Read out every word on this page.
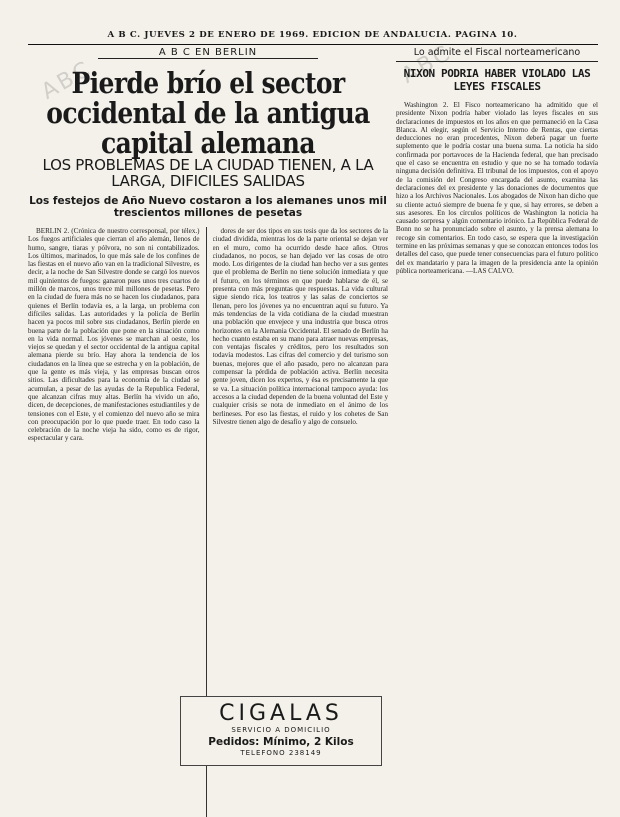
A B C. JUEVES 2 DE ENERO DE 1969. EDICION DE ANDALUCIA. PAGINA 10.
ABC	ABC
A B C EN BERLIN
Pierde brío el sector occidental de la antigua capital alemana
LOS PROBLEMAS DE LA CIUDAD TIENEN, A LA LARGA, DIFICILES SALIDAS
Los festejos de Año Nuevo costaron a los alemanes unos mil trescientos millones de pesetas

BERLIN 2. (Crónica de nuestro corresponsal, por télex.) Los fuegos artificiales que cierran el año alemán, llenos de humo, sangre, tiaras y pólvora, no son ni contabilizados. Los últimos, marinados, lo que más sale de los confines de las fiestas en el nuevo año van en la tradicional Silvestre, es decir, a la noche de San Silvestre donde se cargó los nuevos mil quinientos de fuegos: ganaron pues unos tres cuartos de millón de marcos, unos trece mil millones de pesetas. Pero en la ciudad de fuera más no se hacen los ciudadanos, para quienes el Berlín todavía es, a la larga, un problema con difíciles salidas. Las autoridades y la policía de Berlín hacen ya pocos mil sobre sus ciudadanos, Berlín pierde en buena parte de la población que pone en la situación como en la vida normal. Los jóvenes se marchan al oeste, los viejos se quedan y el sector occidental de la antigua capital alemana pierde su brío. Hay ahora la tendencia de los ciudadanos en la línea que se estrecha y en la población, de que la gente es más vieja, y las empresas buscan otros sitios. Las dificultades para la economía de la ciudad se acumulan, a pesar de las ayudas de la Republica Federal, que alcanzan cifras muy altas. Berlín ha vivido un año, dicen, de decepciones, de manifestaciones estudiantiles y de tensiones con el Este, y el comienzo del nuevo año se mira con preocupación por lo que puede traer. En todo caso la celebración de la noche vieja ha sido, como es de rigor, espectacular y cara.

dores de ser dos tipos en sus tesis que da los sectores de la ciudad dividida, mientras los de la parte oriental se dejan ver en el muro, como ha ocurrido desde hace años. Otros ciudadanos, no pocos, se han dejado ver las cosas de otro modo. Los dirigentes de la ciudad han hecho ver a sus gentes que el problema de Berlín no tiene solución inmediata y que el futuro, en los términos en que puede hablarse de él, se presenta con más preguntas que respuestas. La vida cultural sigue siendo rica, los teatros y las salas de conciertos se llenan, pero los jóvenes ya no encuentran aquí su futuro. Ya más tendencias de la vida cotidiana de la ciudad muestran una población que envejece y una industria que busca otros horizontes en la Alemania Occidental. El senado de Berlín ha hecho cuanto estaba en su mano para atraer nuevas empresas, con ventajas fiscales y créditos, pero los resultados son todavía modestos. Las cifras del comercio y del turismo son buenas, mejores que el año pasado, pero no alcanzan para compensar la pérdida de población activa. Berlín necesita gente joven, dicen los expertos, y ésa es precisamente la que se va. La situación política internacional tampoco ayuda: los accesos a la ciudad dependen de la buena voluntad del Este y cualquier crisis se nota de inmediato en el ánimo de los berlineses. Por eso las fiestas, el ruido y los cohetes de San Silvestre tienen algo de desafío y algo de consuelo.

CIGALAS
SERVICIO A DOMICILIO
Pedidos: Mínimo, 2 Kilos
TELEFONO 238149
Lo admite el Fiscal norteamericano
NIXON PODRIA HABER VIOLADO LAS LEYES FISCALES

Washington 2. El Fisco norteamericano ha admitido que el presidente Nixon podría haber violado las leyes fiscales en sus declaraciones de impuestos en los años en que permaneció en la Casa Blanca. Al elegir, según el Servicio Interno de Rentas, que ciertas deducciones no eran procedentes, Nixon deberá pagar un fuerte suplemento que le podría costar una buena suma. La noticia ha sido confirmada por portavoces de la Hacienda federal, que han precisado que el caso se encuentra en estudio y que no se ha tomado todavía ninguna decisión definitiva. El tribunal de los impuestos, con el apoyo de la comisión del Congreso encargada del asunto, examina las declaraciones del ex presidente y las donaciones de documentos que hizo a los Archivos Nacionales. Los abogados de Nixon han dicho que su cliente actuó siempre de buena fe y que, si hay errores, se deben a sus asesores. En los círculos políticos de Washington la noticia ha causado sorpresa y algún comentario irónico. La República Federal de Bonn no se ha pronunciado sobre el asunto, y la prensa alemana lo recoge sin comentarios. En todo caso, se espera que la investigación termine en las próximas semanas y que se conozcan entonces todos los detalles del caso, que puede tener consecuencias para el futuro político del ex mandatario y para la imagen de la presidencia ante la opinión pública norteamericana. —LAS CALVO.
